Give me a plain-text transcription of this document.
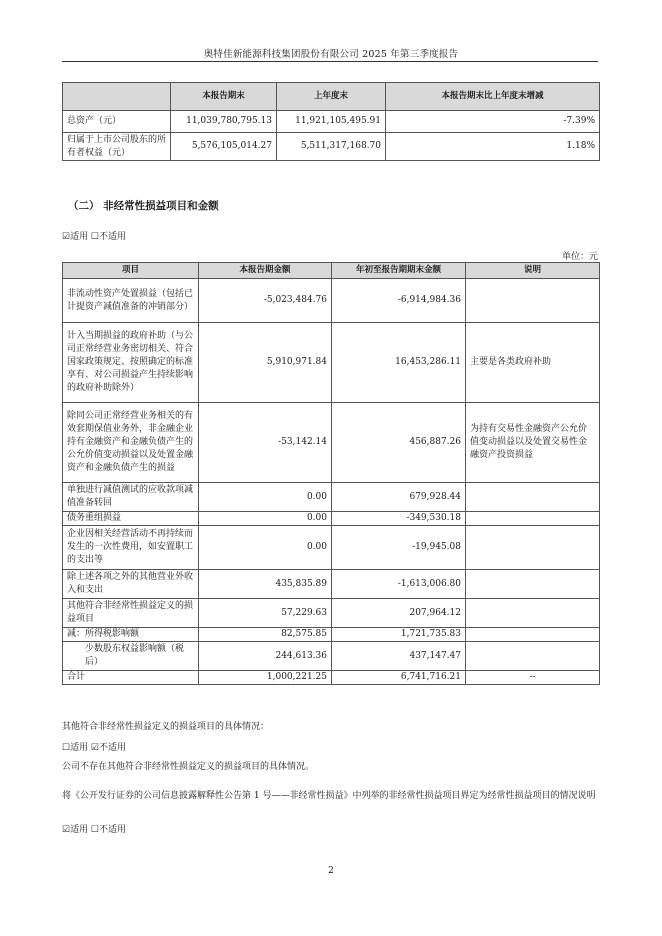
奥特佳新能源科技集团股份有限公司 2025 年第三季度报告
	本报告期末	上年度末	本报告期末比上年度末增减
总资产（元）	11,039,780,795.13	11,921,105,495.91	-7.39%
归属于上市公司股东的所有者权益（元）	5,576,105,014.27	5,511,317,168.70	1.18%
（二） 非经常性损益项目和金额
☑适用 ☐不适用
单位：元
项目	本报告期金额	年初至报告期期末金额	说明
非流动性资产处置损益（包括已计提资产减值准备的冲销部分）	-5,023,484.76	-6,914,984.36	
计入当期损益的政府补助（与公司正常经营业务密切相关、符合国家政策规定、按照确定的标准享有、对公司损益产生持续影响的政府补助除外）	5,910,971.84	16,453,286.11	主要是各类政府补助
除同公司正常经营业务相关的有效套期保值业务外，非金融企业持有金融资产和金融负债产生的公允价值变动损益以及处置金融资产和金融负债产生的损益	-53,142.14	456,887.26	为持有交易性金融资产公允价值变动损益以及处置交易性金融资产投资损益
单独进行减值测试的应收款项减值准备转回	0.00	679,928.44	
债务重组损益	0.00	-349,530.18	
企业因相关经营活动不再持续而发生的一次性费用，如安置职工的支出等	0.00	-19,945.08	
除上述各项之外的其他营业外收入和支出	435,835.89	-1,613,006.80	
其他符合非经常性损益定义的损益项目	57,229.63	207,964.12	
减：所得税影响额	82,575.85	1,721,735.83	
少数股东权益影响额（税后）	244,613.36	437,147.47	
合计	1,000,221.25	6,741,716.21	--
其他符合非经常性损益定义的损益项目的具体情况：
☐适用 ☑不适用
公司不存在其他符合非经常性损益定义的损益项目的具体情况。
将《公开发行证券的公司信息披露解释性公告第 1 号——非经常性损益》中列举的非经常性损益项目界定为经常性损益项目的情况说明
☑适用 ☐不适用
2
